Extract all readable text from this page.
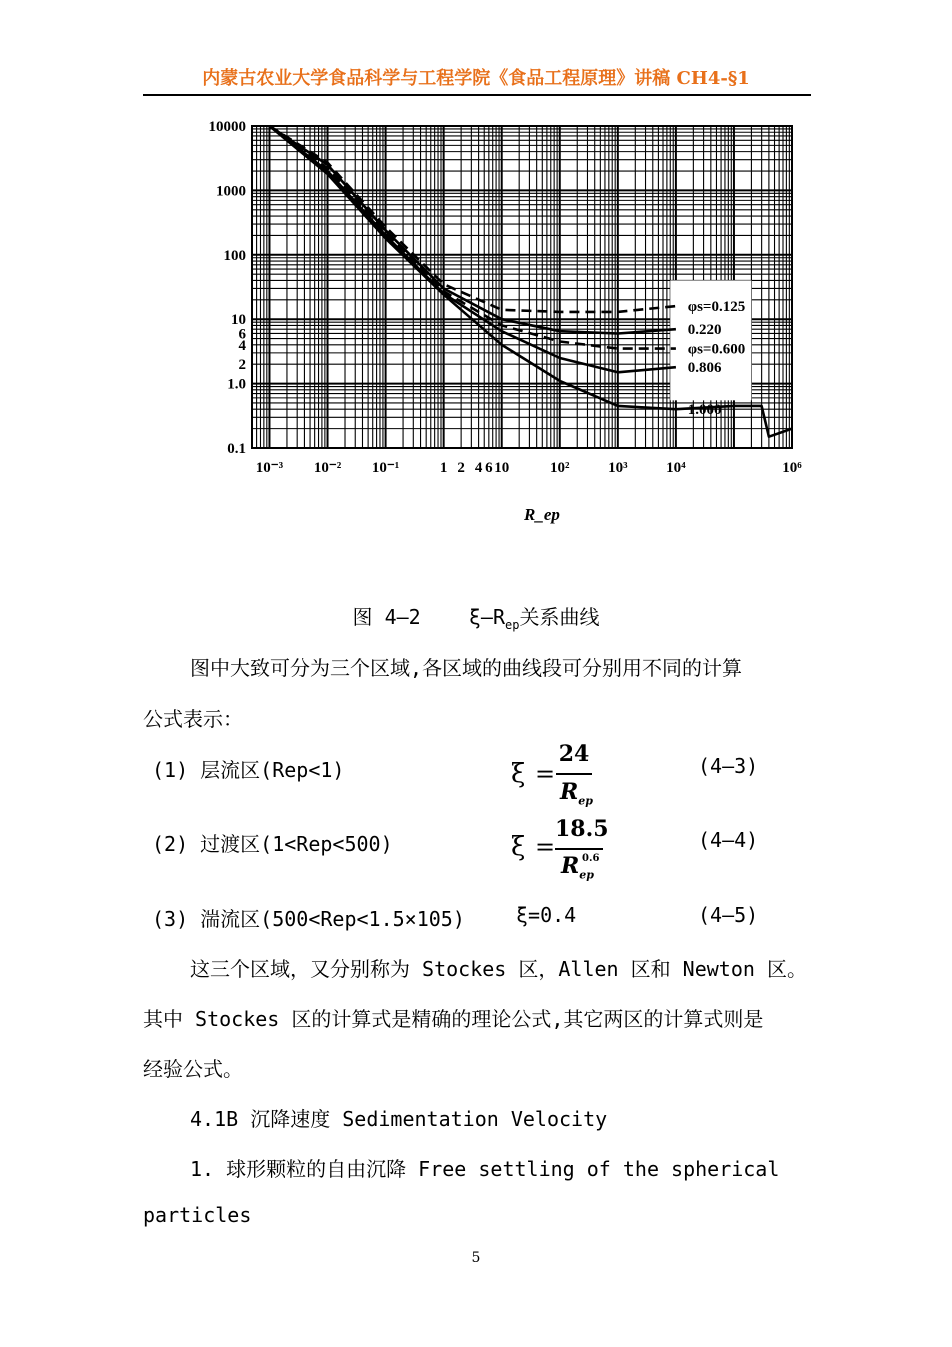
内蒙古农业大学食品科学与工程学院《食品工程原理》讲稿 CH4-§1
φs=0.125
0.220
φs=0.600
0.806
1.000
10000
1000
100
10
6
4
2
1.0
0.1
10⁻³ 10⁻² 10⁻¹	1 2 4 6 10	10²	10³	10⁴	10⁶
R_ep
图 4—2 $\xi—R_{ep}$关系曲线
图中大致可分为三个区域,各区域的曲线段可分别用不同的计算
公式表示：
(1) 层流区(Rep<1)	ξ =
24
$R_{ep}$
(4—3)
(2) 过渡区(1<Rep<500)	ξ =
18.5
$R_{ep}^{0.6}$
(4—4)
(3) 湍流区(500<Rep<1.5×105)	ξ=0.4	(4—5)
这三个区域，又分别称为 Stockes 区，Allen 区和 Newton 区。
其中 Stockes 区的计算式是精确的理论公式,其它两区的计算式则是
经验公式。
4.1B 沉降速度 Sedimentation Velocity
1. 球形颗粒的自由沉降 Free settling of the spherical
particles
5
